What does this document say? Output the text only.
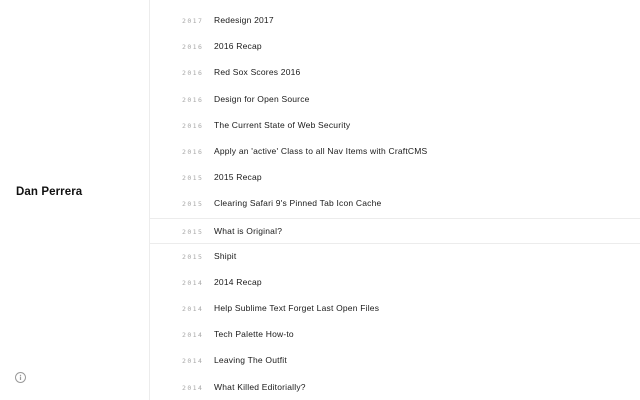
Dan Perrera
2017 Redesign 2017
2016 2016 Recap
2016 Red Sox Scores 2016
2016 Design for Open Source
2016 The Current State of Web Security
2016 Apply an 'active' Class to all Nav Items with CraftCMS
2015 2015 Recap
2015 Clearing Safari 9's Pinned Tab Icon Cache
2015 What is Original?
2015 Shipit
2014 2014 Recap
2014 Help Sublime Text Forget Last Open Files
2014 Tech Palette How-to
2014 Leaving The Outfit
2014 What Killed Editorially?
